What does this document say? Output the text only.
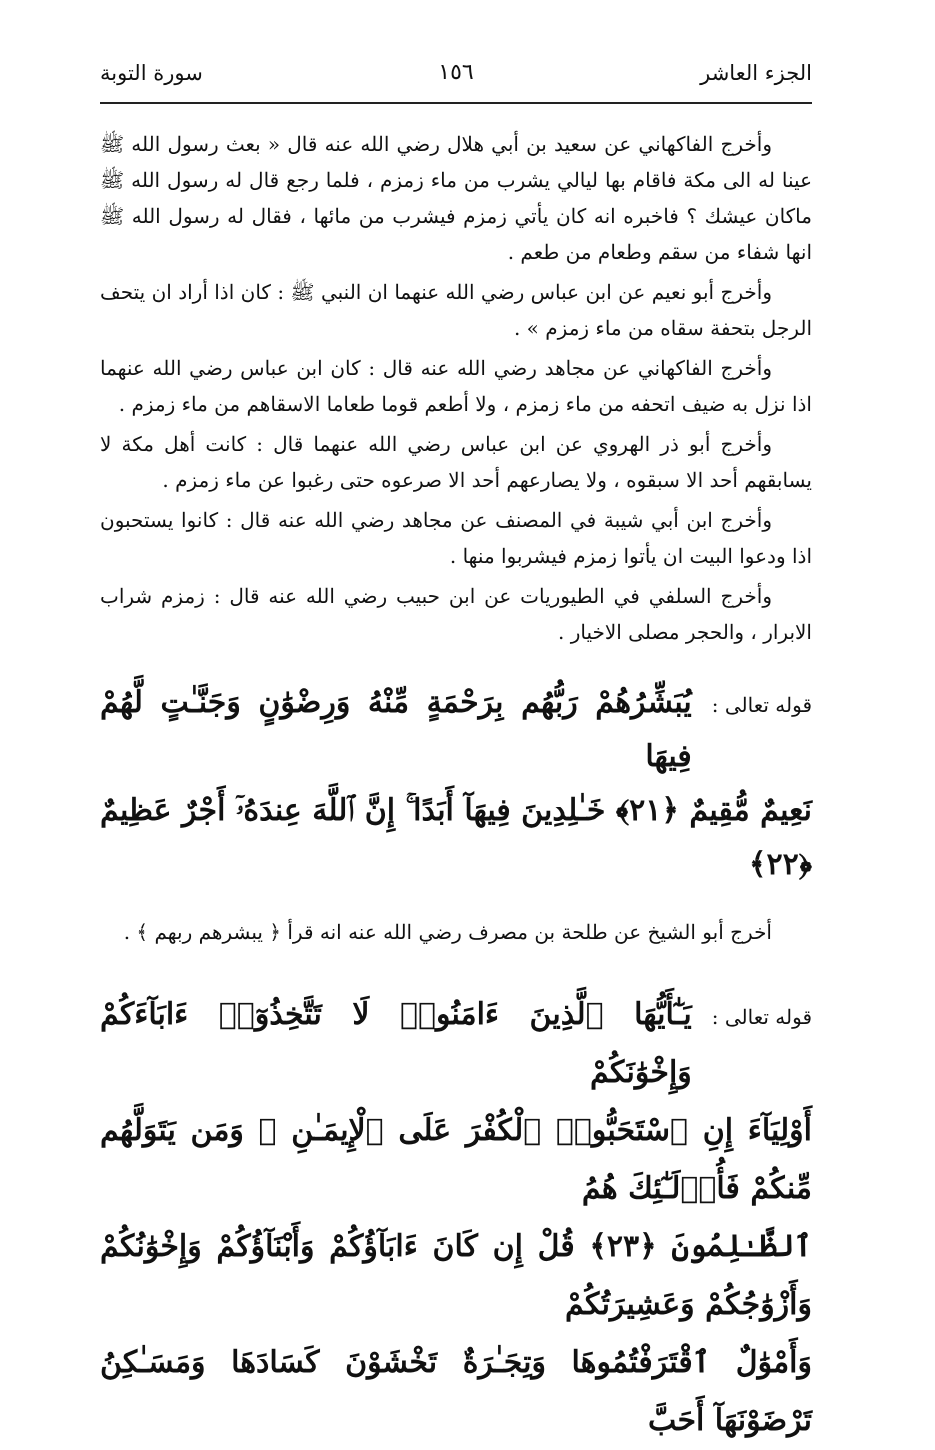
الجزء العاشر
١٥٦
سورة التوبة

وأخرج الفاكهاني عن سعيد بن أبي هلال رضي الله عنه قال « بعث رسول الله ﷺ عينا له الى مكة فاقام بها ليالي يشرب من ماء زمزم ، فلما رجع قال له رسول الله ﷺ ماكان عيشك ؟ فاخبره انه كان يأتي زمزم فيشرب من مائها ، فقال له رسول الله ﷺ انها شفاء من سقم وطعام من طعم .

وأخرج أبو نعيم عن ابن عباس رضي الله عنهما ان النبي ﷺ : كان اذا أراد ان يتحف الرجل بتحفة سقاه من ماء زمزم » .

وأخرج الفاكهاني عن مجاهد رضي الله عنه قال : كان ابن عباس رضي الله عنهما اذا نزل به ضيف اتحفه من ماء زمزم ، ولا أطعم قوما طعاما الاسقاهم من ماء زمزم .

وأخرج أبو ذر الهروي عن ابن عباس رضي الله عنهما قال : كانت أهل مكة لا يسابقهم أحد الا سبقوه ، ولا يصارعهم أحد الا صرعوه حتى رغبوا عن ماء زمزم .

وأخرج ابن أبي شيبة في المصنف عن مجاهد رضي الله عنه قال : كانوا يستحبون اذا ودعوا البيت ان يأتوا زمزم فيشربوا منها .

وأخرج السلفي في الطيوريات عن ابن حبيب رضي الله عنه قال : زمزم شراب الابرار ، والحجر مصلى الاخيار .

قوله تعالى :
يُبَشِّرُهُمْ رَبُّهُم بِرَحْمَةٍ مِّنْهُ وَرِضْوَٰنٍ وَجَنَّـٰتٍ لَّهُمْ فِيهَا
نَعِيمٌ مُّقِيمٌ ﴿٢١﴾ خَـٰلِدِينَ فِيهَآ أَبَدًا ۚ إِنَّ ٱللَّهَ عِندَهُۥٓ أَجْرٌ عَظِيمٌ ﴿٢٢﴾

أخرج أبو الشيخ عن طلحة بن مصرف رضي الله عنه انه قرأ ﴿ يبشرهم ربهم ﴾ .

قوله تعالى :
يَـٰٓأَيُّهَا ٱلَّذِينَ ءَامَنُوا۟ لَا تَتَّخِذُوٓا۟ ءَابَآءَكُمْ وَإِخْوَٰنَكُمْ
أَوْلِيَآءَ إِنِ ٱسْتَحَبُّوا۟ ٱلْكُفْرَ عَلَى ٱلْإِيمَـٰنِ ۚ وَمَن يَتَوَلَّهُم مِّنكُمْ فَأُو۟لَـٰٓئِكَ هُمُ
ٱلظَّـٰلِمُونَ ﴿٢٣﴾ قُلْ إِن كَانَ ءَابَآؤُكُمْ وَأَبْنَآؤُكُمْ وَإِخْوَٰنُكُمْ وَأَزْوَٰجُكُمْ وَعَشِيرَتُكُمْ
وَأَمْوَٰلٌ ٱقْتَرَفْتُمُوهَا وَتِجَـٰرَةٌ تَخْشَوْنَ كَسَادَهَا وَمَسَـٰكِنُ تَرْضَوْنَهَآ أَحَبَّ
